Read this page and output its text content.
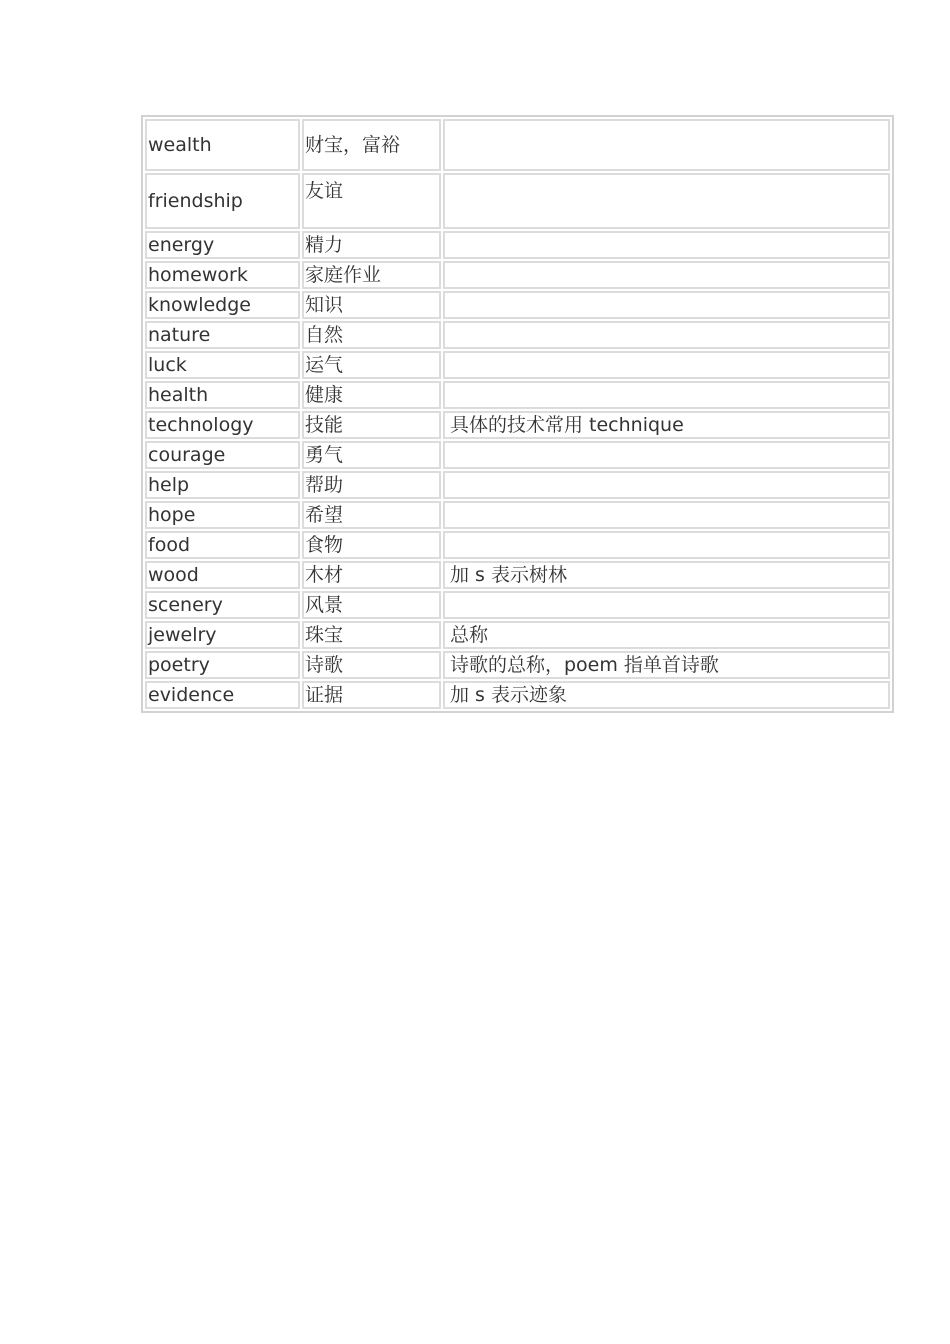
wealth	财宝，富裕	
friendship	友谊	
energy	精力	
homework	家庭作业	
knowledge	知识	
nature	自然	
luck	运气	
health	健康	
technology	技能	具体的技术常用 technique
courage	勇气	
help	帮助	
hope	希望	
food	食物	
wood	木材	加 s 表示树林
scenery	风景	
jewelry	珠宝	总称
poetry	诗歌	诗歌的总称，poem 指单首诗歌
evidence	证据	加 s 表示迹象
